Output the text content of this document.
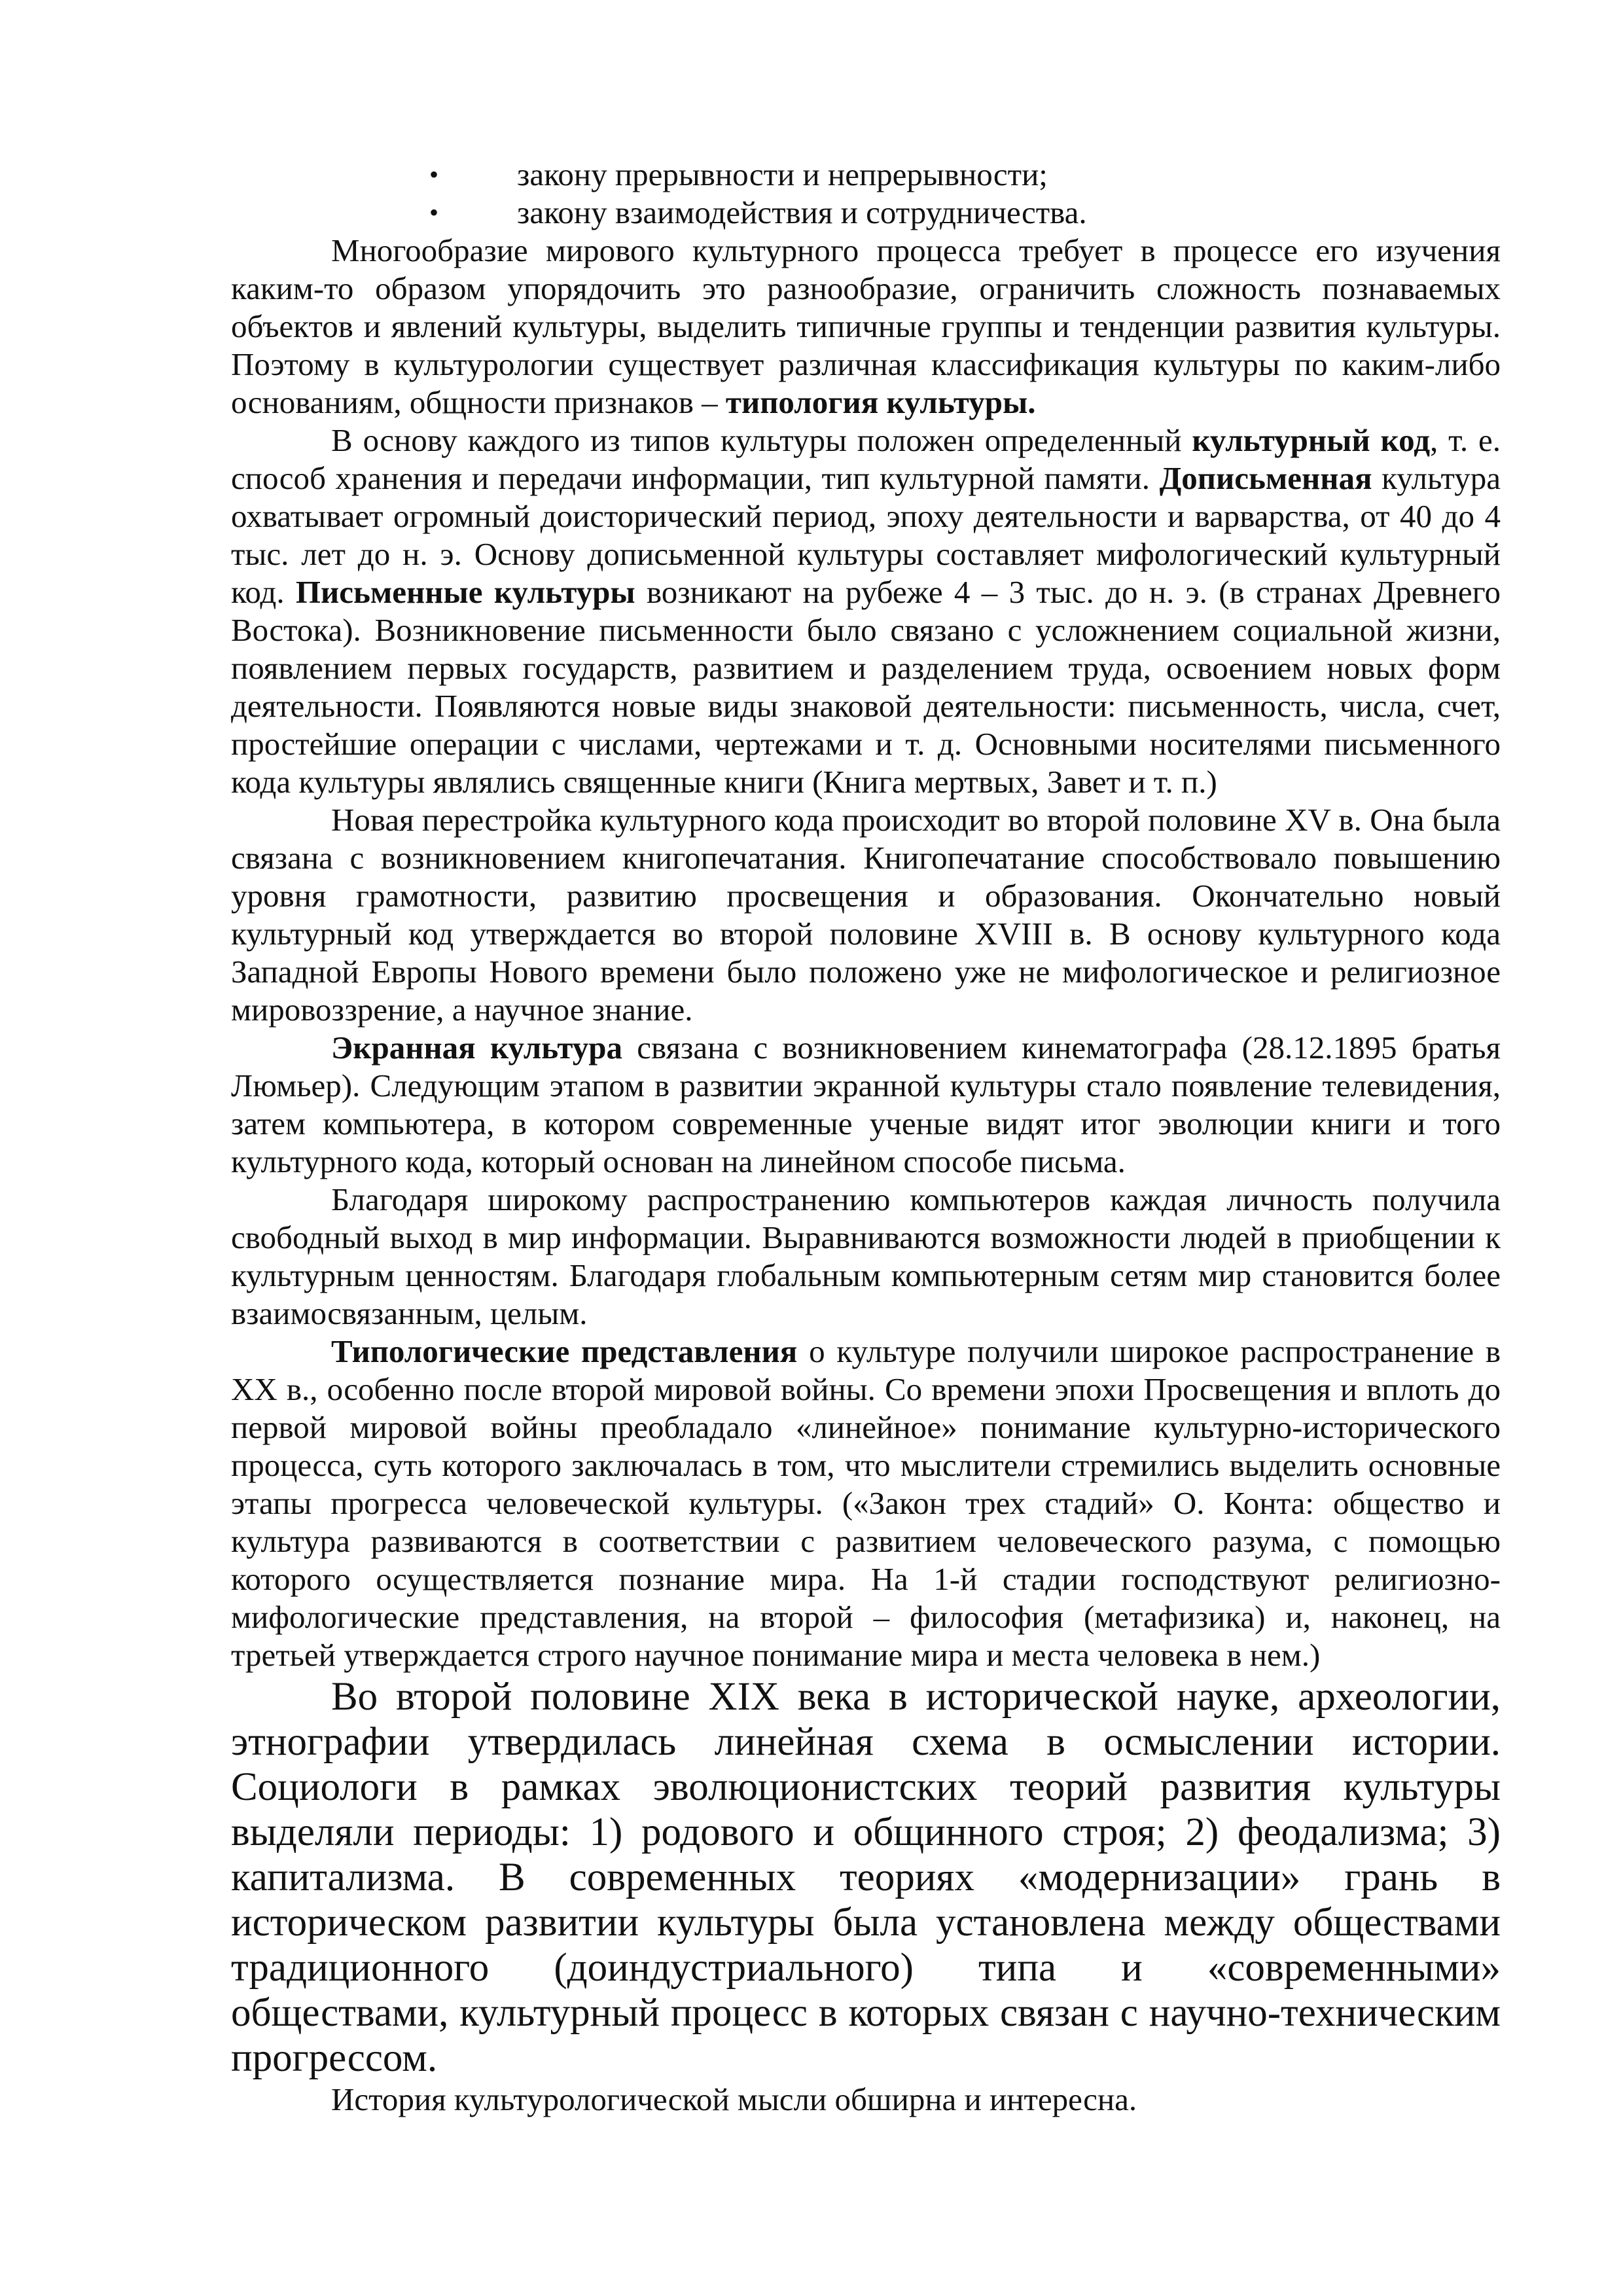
• закону прерывности и непрерывности;
• закону взаимодействия и сотрудничества.

Многообразие мирового культурного процесса требует в процессе его изучения каким-то образом упорядочить это разнообразие, ограничить сложность познаваемых объектов и явлений культуры, выделить типичные группы и тенденции развития культуры. Поэтому в культурологии существует различная классификация культуры по каким-либо основаниям, общности признаков – типология культуры.

В основу каждого из типов культуры положен определенный культурный код, т. е. способ хранения и передачи информации, тип культурной памяти. Дописьменная культура охватывает огромный доисторический период, эпоху деятельности и варварства, от 40 до 4 тыс. лет до н. э. Основу дописьменной культуры составляет мифологический культурный код. Письменные культуры возникают на рубеже 4 – 3 тыс. до н. э. (в странах Древнего Востока). Возникновение письменности было связано с усложнением социальной жизни, появлением первых государств, развитием и разделением труда, освоением новых форм деятельности. Появляются новые виды знаковой деятельности: письменность, числа, счет, простейшие операции с числами, чертежами и т. д. Основными носителями письменного кода культуры являлись священные книги (Книга мертвых, Завет и т. п.)

Новая перестройка культурного кода происходит во второй половине XV в. Она была связана с возникновением книгопечатания. Книгопечатание способствовало повышению уровня грамотности, развитию просвещения и образования. Окончательно новый культурный код утверждается во второй половине XVIII в. В основу культурного кода Западной Европы Нового времени было положено уже не мифологическое и религиозное мировоззрение, а научное знание.

Экранная культура связана с возникновением кинематографа (28.12.1895 братья Люмьер). Следующим этапом в развитии экранной культуры стало появление телевидения, затем компьютера, в котором современные ученые видят итог эволюции книги и того культурного кода, который основан на линейном способе письма.

Благодаря широкому распространению компьютеров каждая личность получила свободный выход в мир информации. Выравниваются возможности людей в приобщении к культурным ценностям. Благодаря глобальным компьютерным сетям мир становится более взаимосвязанным, целым.

Типологические представления о культуре получили широкое распространение в XX в., особенно после второй мировой войны. Со времени эпохи Просвещения и вплоть до первой мировой войны преобладало «линейное» понимание культурно-исторического процесса, суть которого заключалась в том, что мыслители стремились выделить основные этапы прогресса человеческой культуры. («Закон трех стадий» О. Конта: общество и культура развиваются в соответствии с развитием человеческого разума, с помощью которого осуществляется познание мира. На 1-й стадии господствуют религиозно-мифологические представления, на второй – философия (метафизика) и, наконец, на третьей утверждается строго научное понимание мира и места человека в нем.)

Во второй половине XIX века в исторической науке, археологии, этнографии утвердилась линейная схема в осмыслении истории. Социологи в рамках эволюционистских теорий развития культуры выделяли периоды: 1) родового и общинного строя; 2) феодализма; 3) капитализма. В современных теориях «модернизации» грань в историческом развитии культуры была установлена между обществами традиционного (доиндустриального) типа и «современными» обществами, культурный процесс в которых связан с научно-техническим прогрессом.

История культурологической мысли обширна и интересна.
